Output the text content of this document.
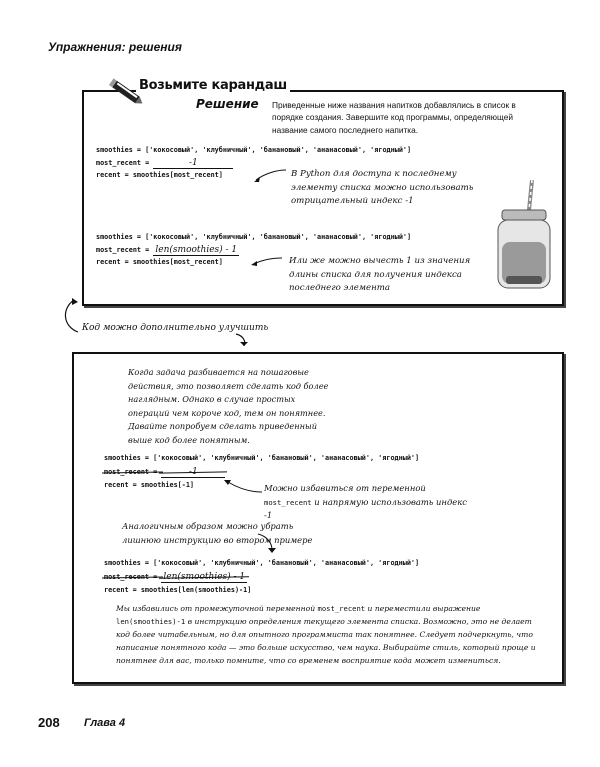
Упражнения: решения
Возьмите карандаш
Решение Приведенные ниже названия напитков добавлялись в список в порядке создания. Завершите код программы, определяющей название самого последнего напитка.
smoothies = ['кокосовый', 'клубничный', 'банановый', 'ананасовый', 'ягодный']
most_recent =	-1
recent = smoothies[most_recent]	В Python для доступа к последнему элементу списка можно использовать отрицательный индекс -1
smoothies = ['кокосовый', 'клубничный', 'банановый', 'ананасовый', 'ягодный']
most_recent = len(smoothies) - 1
recent = smoothies[most_recent]	Или же можно вычесть 1 из значения длины списка для получения индекса последнего элемента
Код можно дополнительно улучшить
Когда задача разбивается на пошаговые действия, это позволяет сделать код более наглядным. Однако в случае простых операций чем короче код, тем он понятнее. Давайте попробуем сделать приведенный выше код более понятным.
smoothies = ['кокосовый', 'клубничный', 'банановый', 'ананасовый', 'ягодный']
most_recent =	-1
recent = smoothies[-1]	Можно избавиться от переменной most_recent и напрямую использовать индекс -1
Аналогичным образом можно убрать лишнюю инструкцию во втором примере
smoothies = ['кокосовый', 'клубничный', 'банановый', 'ананасовый', 'ягодный']
most_recent = len(smoothies) - 1
recent = smoothies[len(smoothies)-1]
Мы избавились от промежуточной переменной most_recent и переместили выражение len(smoothies)-1 в инструкцию определения текущего элемента списка. Возможно, это не делает код более читабельным, но для опытного программиста так понятнее. Следует подчеркнуть, что написание понятного кода — это больше искусство, чем наука. Выбирайте стиль, который проще и понятнее для вас, только помните, что со временем восприятие кода может измениться.
208 Глава 4
